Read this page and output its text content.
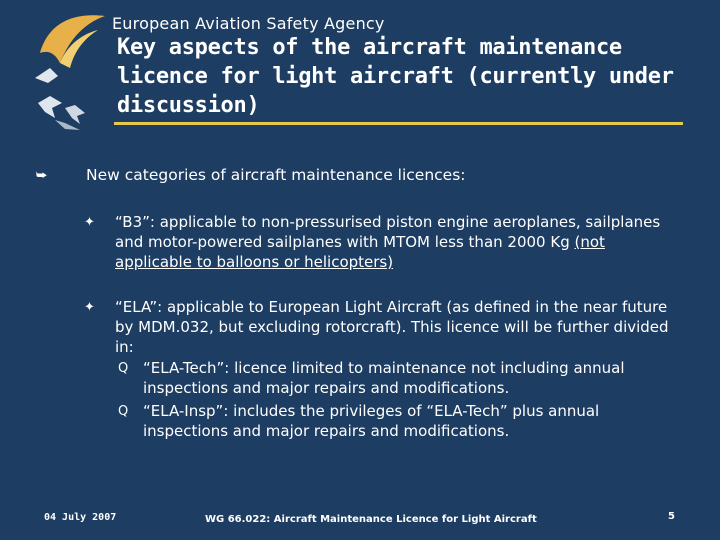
European Aviation Safety Agency
Key aspects of the aircraft maintenance licence for light aircraft (currently under discussion)
⮩	New categories of aircraft maintenance licences:
✦ “B3”: applicable to non-pressurised piston engine aeroplanes, sailplanes and motor-powered sailplanes with MTOM less than 2000 Kg (not applicable to balloons or helicopters)
✦ “ELA”: applicable to European Light Aircraft (as defined in the near future by MDM.032, but excluding rotorcraft). This licence will be further divided in:
Q “ELA-Tech”: licence limited to maintenance not including annual inspections and major repairs and modifications.
Q “ELA-Insp”: includes the privileges of “ELA-Tech” plus annual inspections and major repairs and modifications.
04 July 2007	WG 66.022: Aircraft Maintenance Licence for Light Aircraft	5
